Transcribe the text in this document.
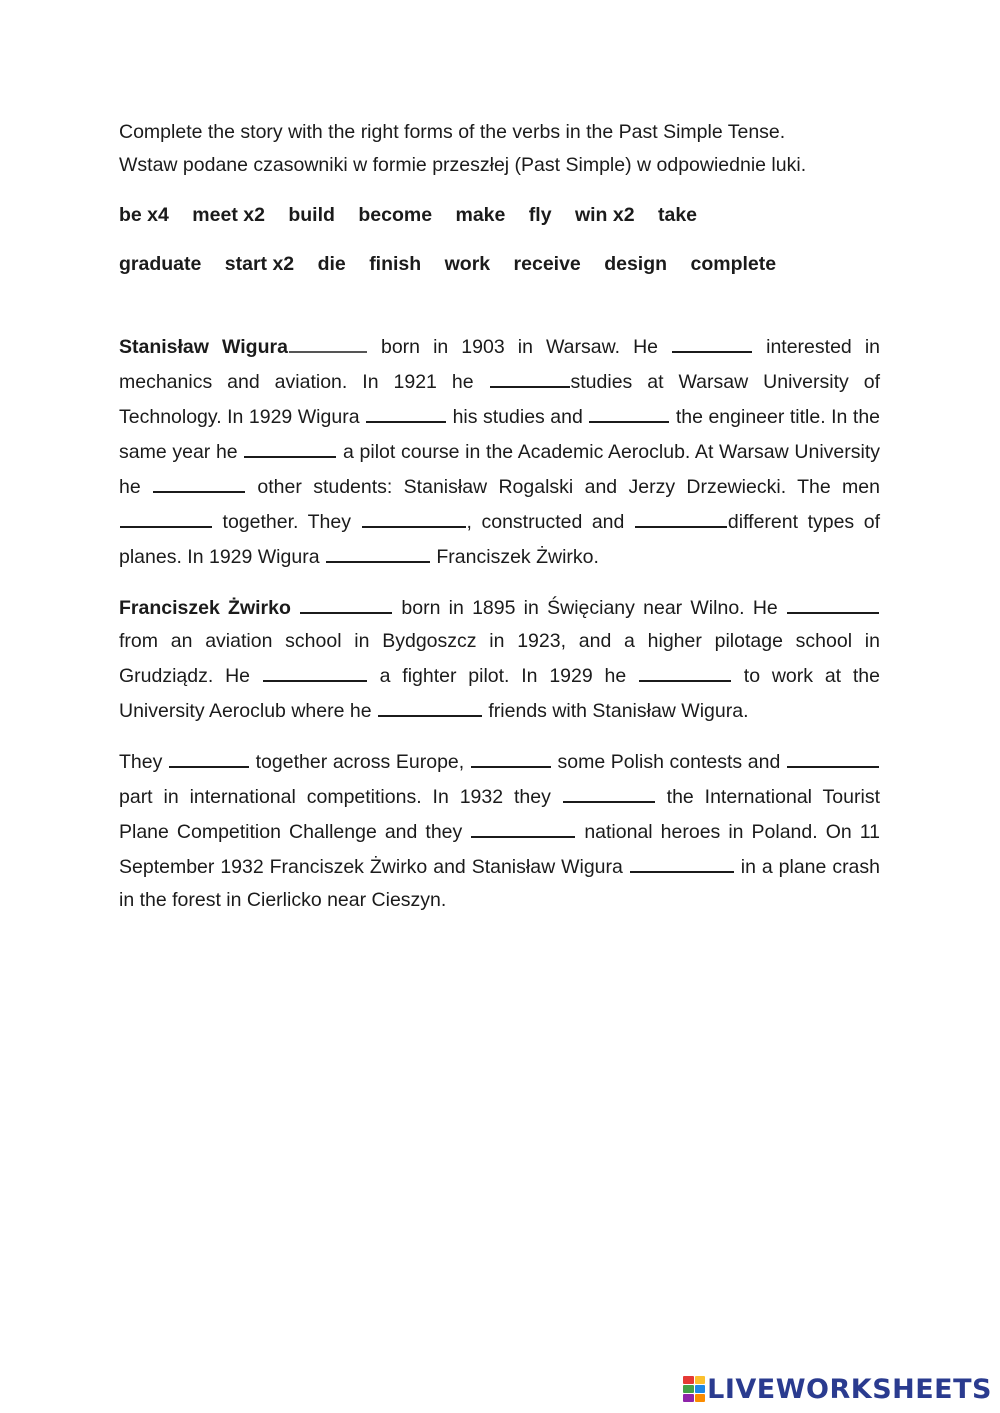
Complete the story with the right forms of the verbs in the Past Simple Tense.

Wstaw podane czasowniki w formie przeszłej (Past Simple) w odpowiednie luki.

be x4 meet x2 build become make fly win x2 take
graduate start x2 die finish work receive design complete

Stanisław Wigura	born in 1903 in Warsaw. He	interested in mechanics and aviation. In 1921 he	studies at Warsaw University of Technology. In 1929 Wigura	his studies and	the engineer title. In the same year he	a pilot course in the Academic Aeroclub. At Warsaw University he	other students: Stanisław Rogalski and Jerzy Drzewiecki. The men  together. They	, constructed and	different types of planes. In 1929 Wigura	Franciszek Żwirko.

Franciszek Żwirko	born in 1895 in Święciany near Wilno. He  from an aviation school in Bydgoszcz in 1923, and a higher pilotage school in Grudziądz. He	a fighter pilot. In 1929 he	to work at the University Aeroclub where he	friends with Stanisław Wigura.

They	together across Europe,	some Polish contests and part in international competitions. In 1932 they	the International Tourist Plane Competition Challenge and they	national heroes in Poland. On 11 September 1932 Franciszek Żwirko and Stanisław Wigura	in a plane crash in the forest in Cierlicko near Cieszyn.

LIVEWORKSHEETS
